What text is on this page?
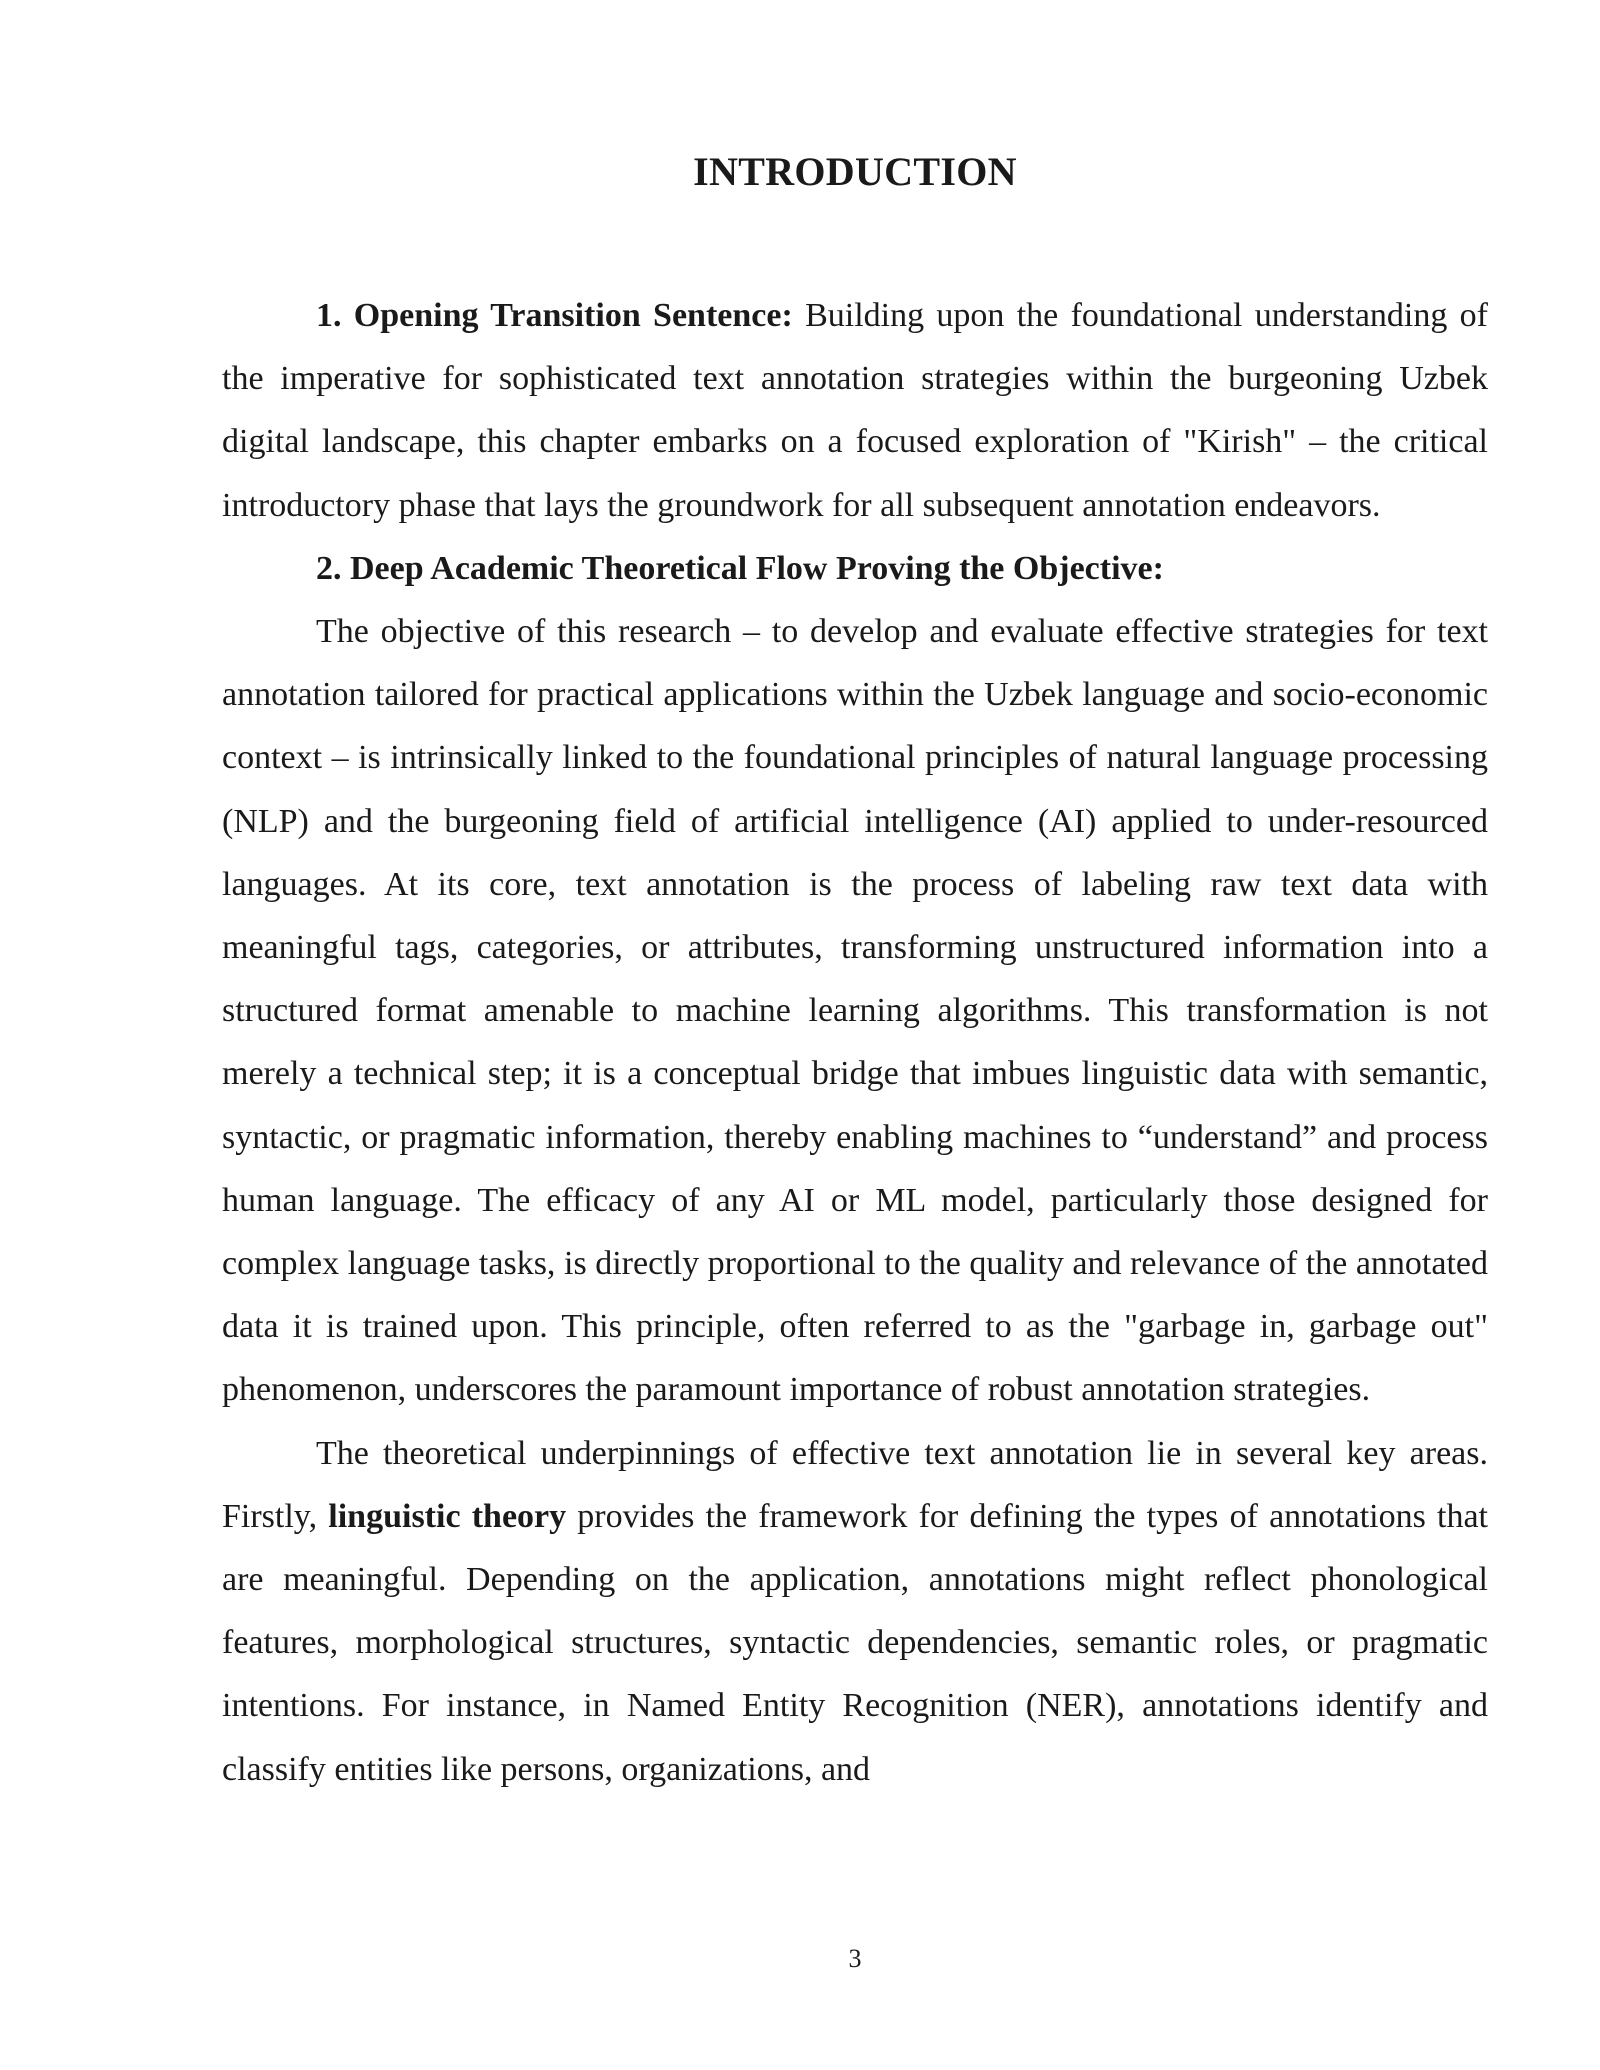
INTRODUCTION

1. Opening Transition Sentence: Building upon the foundational understanding of the imperative for sophisticated text annotation strategies within the burgeoning Uzbek digital landscape, this chapter embarks on a focused exploration of "Kirish" – the critical introductory phase that lays the groundwork for all subsequent annotation endeavors.

2. Deep Academic Theoretical Flow Proving the Objective:

The objective of this research – to develop and evaluate effective strategies for text annotation tailored for practical applications within the Uzbek language and socio-economic context – is intrinsically linked to the foundational principles of natural language processing (NLP) and the burgeoning field of artificial intelligence (AI) applied to under-resourced languages. At its core, text annotation is the process of labeling raw text data with meaningful tags, categories, or attributes, transforming unstructured information into a structured format amenable to machine learning algorithms. This transformation is not merely a technical step; it is a conceptual bridge that imbues linguistic data with semantic, syntactic, or pragmatic information, thereby enabling machines to “understand” and process human language. The efficacy of any AI or ML model, particularly those designed for complex language tasks, is directly proportional to the quality and relevance of the annotated data it is trained upon. This principle, often referred to as the "garbage in, garbage out" phenomenon, underscores the paramount importance of robust annotation strategies.

The theoretical underpinnings of effective text annotation lie in several key areas. Firstly, linguistic theory provides the framework for defining the types of annotations that are meaningful. Depending on the application, annotations might reflect phonological features, morphological structures, syntactic dependencies, semantic roles, or pragmatic intentions. For instance, in Named Entity Recognition (NER), annotations identify and classify entities like persons, organizations, and

3
